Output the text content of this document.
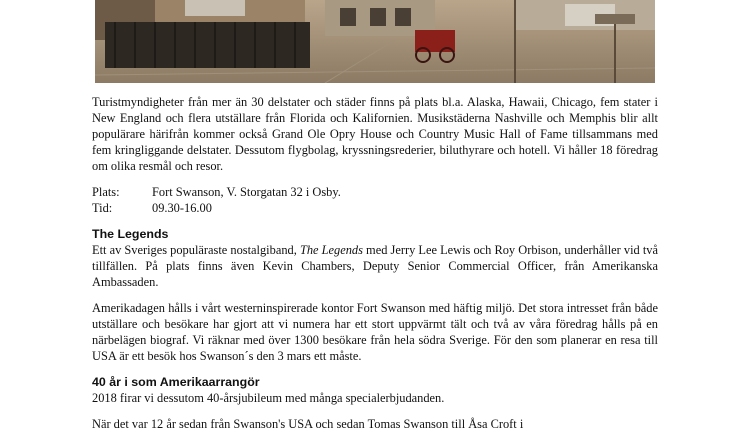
Turistmyndigheter från mer än 30 delstater och städer finns på plats bl.a. Alaska, Hawaii, Chicago, fem stater i New England och flera utställare från Florida och Kalifornien. Musikstäderna Nashville och Memphis blir allt populärare härifrån kommer också Grand Ole Opry House och Country Music Hall of Fame tillsammans med fem kringliggande delstater. Dessutom flygbolag, kryssningsrederier, biluthyrare och hotell. Vi håller 18 föredrag om olika resmål och resor.

Plats:	Fort Swanson, V. Storgatan 32 i Osby.
Tid:	09.30-16.00
The Legends

Ett av Sveriges populäraste nostalgiband, The Legends med Jerry Lee Lewis och Roy Orbison, underhåller vid två tillfällen. På plats finns även Kevin Chambers, Deputy Senior Commercial Officer, från Amerikanska Ambassaden.

Amerikadagen hålls i vårt westerninspirerade kontor Fort Swanson med häftig miljö. Det stora intresset från både utställare och besökare har gjort att vi numera har ett stort uppvärmt tält och två av våra föredrag hålls på en närbelägen biograf. Vi räknar med över 1300 besökare från hela södra Sverige. För den som planerar en resa till USA är ett besök hos Swanson´s den 3 mars ett måste.

40 år i som Amerikaarrangör

2018 firar vi dessutom 40-årsjubileum med många specialerbjudanden.

När det var 12 år sedan från Swanson's USA och sedan Tomas Swanson till Åsa Croft i
